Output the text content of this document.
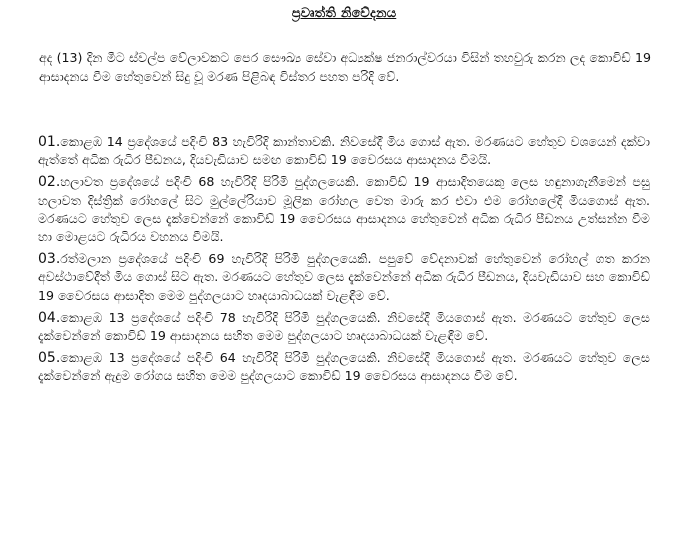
ප්‍රවෘත්ති නිවේදනය
අද (13) දින මීට ස්වල්ප වේලාවකට පෙර සෞඛ්‍ය සේවා අධ්‍යක්ෂ ජනරාල්වරයා විසින් තහවුරු කරන ලද කොවිඩ් 19 ආසාදනය වීම හේතුවෙන් සිදු වූ මරණ පිළිබඳ විස්තර පහත පරිදි වේ.
01.කොළඹ 14 ප්‍රදේශයේ පදිංචි 83 හැවිරිදි කාන්තාවකි. නිවසේදී මිය ගොස් ඇත. මරණයට හේතුව වශයෙන් දක්වා ඇත්තේ අධික රුධිර පීඩනය, දියවැඩියාව සමඟ කොවිඩ් 19 වෛරසය ආසාදනය වීමයි.
02.හලාවත ප්‍රදේශයේ පදිංචි 68 හැවිරිදි පිරිමි පුද්ගලයෙකි. කොවිඩ් 19 ආසාදිතයෙකු ලෙස හඳුනාගැනීමෙන් පසු හලාවත දිස්ත්‍රික් රෝහලේ සිට මුල්ලේරියාව මූලික රෝහල වෙත මාරු කර එවා එම රෝහලේදී මියගොස් ඇත. මරණයට හේතුව ලෙස දැක්වෙන්නේ කොවිඩ් 19 වෛරසය ආසාදනය හේතුවෙන් අධික රුධිර පීඩනය උත්සන්න වීම හා මොළයට රුධිරය වහනය වීමයි.
03.රත්මලාන ප්‍රදේශයේ පදිංචි 69 හැවිරිදි පිරිමි පුද්ගලයෙකි. පපුවේ වේදනාවක් හේතුවෙන් රෝහල් ගත කරන අවස්ථාවේදීත් මිය ගොස් සිට ඇත. මරණයට හේතුව ලෙස දැක්වෙන්නේ අධික රුධිර පීඩනය, දියවැඩියාව සහ කොවිඩ් 19 වෛරසය ආසාදිත මෙම පුද්ගලයාට හෘදයාබාධයක් වැළඳීම වේ.
04.කොළඹ 13 ප්‍රදේශයේ පදිංචි 78 හැවිරිදි පිරිමි පුද්ගලයෙකි. නිවසේදී මියගොස් ඇත. මරණයට හේතුව ලෙස දැක්වෙන්නේ කොවිඩ් 19 ආසාදනය සහිත මෙම පුද්ගලයාට හෘදයාබාධයක් වැළඳීම වේ.
05.කොළඹ 13 ප්‍රදේශයේ පදිංචි 64 හැවිරිදි පිරිමි පුද්ගලයෙකි. නිවසේදී මියගොස් ඇත. මරණයට හේතුව ලෙස දැක්වෙන්නේ ඇදුම රෝගය සහිත මෙම පුද්ගලයාට කොවිඩ් 19 වෛරසය ආසාදනය වීම වේ.
